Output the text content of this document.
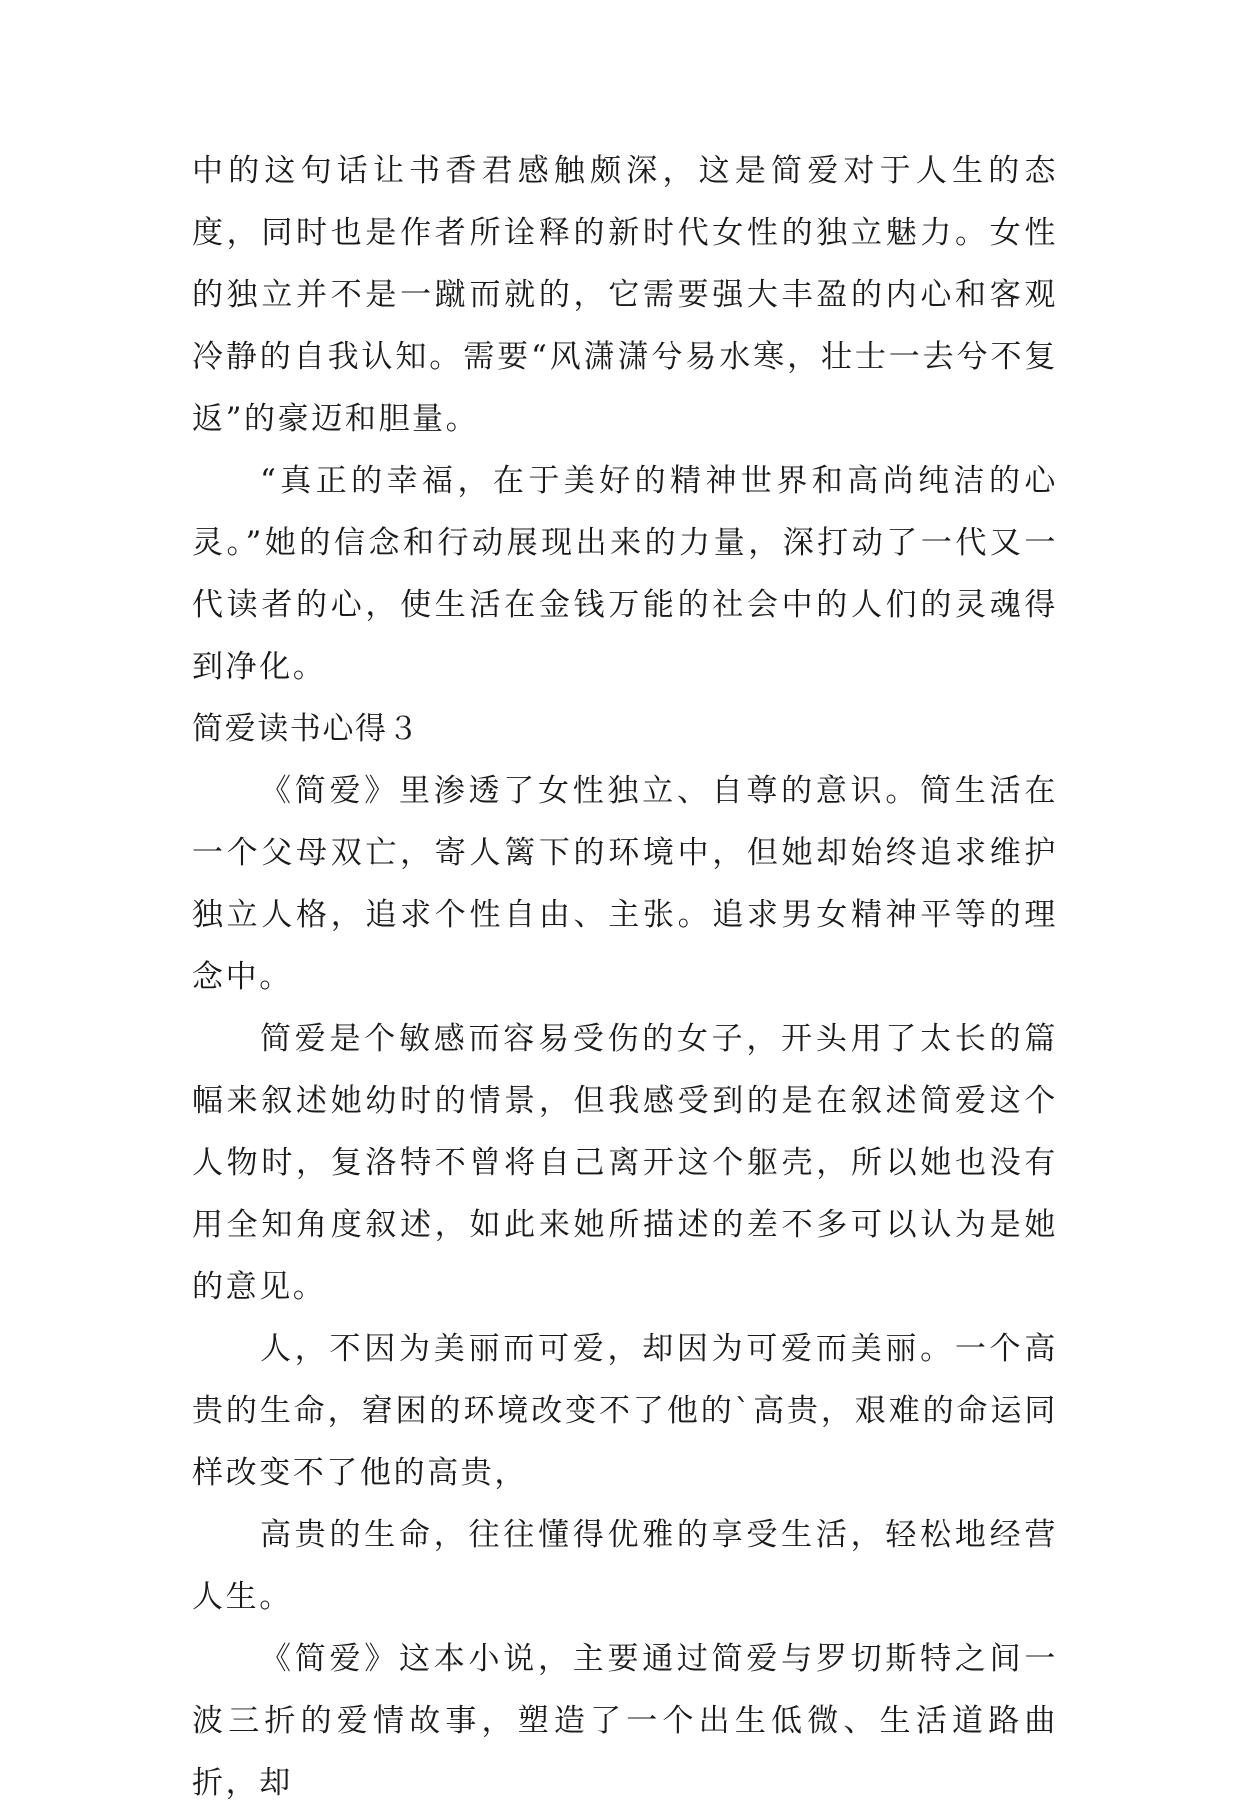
中的这句话让书香君感触颇深，这是简爱对于人生的态度，同时也是作者所诠释的新时代女性的独立魅力。女性的独立并不是一蹴而就的，它需要强大丰盈的内心和客观冷静的自我认知。需要“风潇潇兮易水寒，壮士一去兮不复返”的豪迈和胆量。

“真正的幸福，在于美好的精神世界和高尚纯洁的心灵。”她的信念和行动展现出来的力量，深打动了一代又一代读者的心，使生活在金钱万能的社会中的人们的灵魂得到净化。

简爱读书心得３

《简爱》里渗透了女性独立、自尊的意识。简生活在一个父母双亡，寄人篱下的环境中，但她却始终追求维护独立人格，追求个性自由、主张。追求男女精神平等的理念中。

简爱是个敏感而容易受伤的女子，开头用了太长的篇幅来叙述她幼时的情景，但我感受到的是在叙述简爱这个人物时，复洛特不曾将自己离开这个躯壳，所以她也没有用全知角度叙述，如此来她所描述的差不多可以认为是她的意见。

人，不因为美丽而可爱，却因为可爱而美丽。一个高贵的生命，窘困的环境改变不了他的`高贵，艰难的命运同样改变不了他的高贵，

高贵的生命，往往懂得优雅的享受生活，轻松地经营人生。

《简爱》这本小说，主要通过简爱与罗切斯特之间一波三折的爱情故事，塑造了一个出生低微、生活道路曲折，却
